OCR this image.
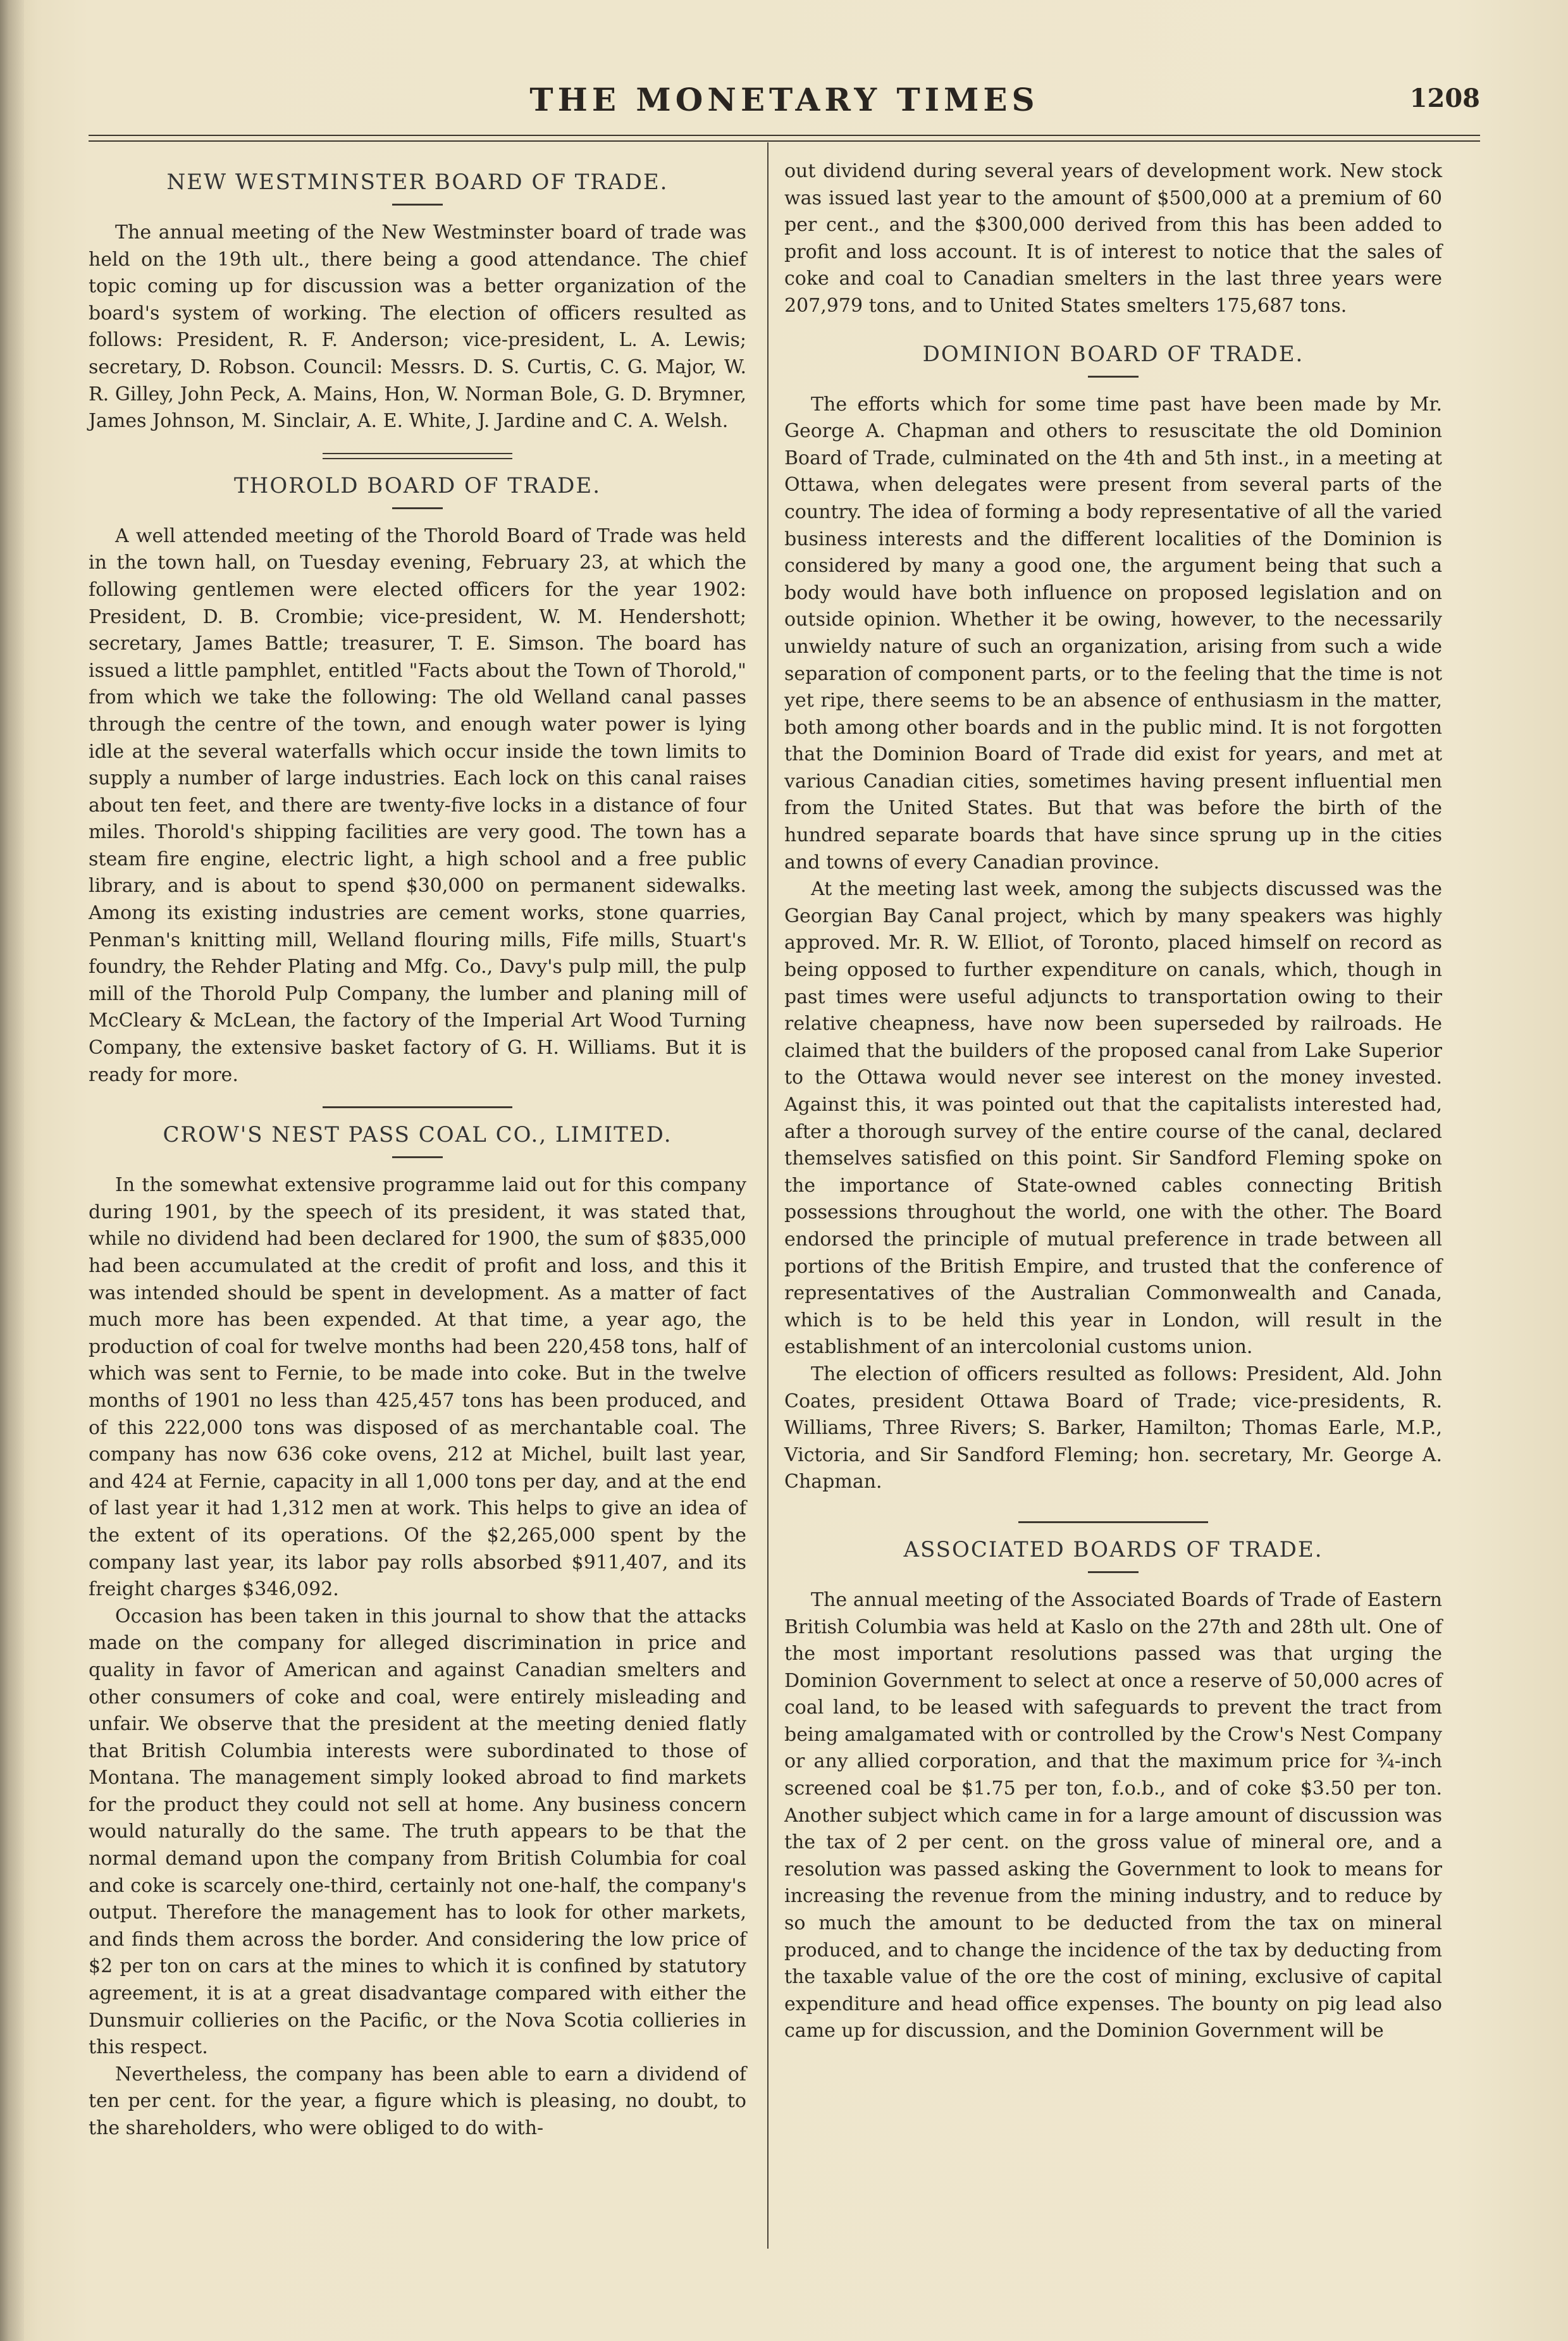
THE MONETARY TIMES	1208
NEW WESTMINSTER BOARD OF TRADE.

The annual meeting of the New Westminster board of trade was held on the 19th ult., there being a good attendance. The chief topic coming up for discussion was a better organization of the board's system of working. The election of officers resulted as follows: President, R. F. Anderson; vice-president, L. A. Lewis; secretary, D. Robson. Council: Messrs. D. S. Curtis, C. G. Major, W. R. Gilley, John Peck, A. Mains, Hon, W. Norman Bole, G. D. Brymner, James Johnson, M. Sinclair, A. E. White, J. Jardine and C. A. Welsh.

THOROLD BOARD OF TRADE.

A well attended meeting of the Thorold Board of Trade was held in the town hall, on Tuesday evening, February 23, at which the following gentlemen were elected officers for the year 1902: President, D. B. Crombie; vice-president, W. M. Hendershott; secretary, James Battle; treasurer, T. E. Simson. The board has issued a little pamphlet, entitled "Facts about the Town of Thorold," from which we take the following: The old Welland canal passes through the centre of the town, and enough water power is lying idle at the several waterfalls which occur inside the town limits to supply a number of large industries. Each lock on this canal raises about ten feet, and there are twenty-five locks in a distance of four miles. Thorold's shipping facilities are very good. The town has a steam fire engine, electric light, a high school and a free public library, and is about to spend $30,000 on permanent sidewalks. Among its existing industries are cement works, stone quarries, Penman's knitting mill, Welland flouring mills, Fife mills, Stuart's foundry, the Rehder Plating and Mfg. Co., Davy's pulp mill, the pulp mill of the Thorold Pulp Company, the lumber and planing mill of McCleary & McLean, the factory of the Imperial Art Wood Turning Company, the extensive basket factory of G. H. Williams. But it is ready for more.

CROW'S NEST PASS COAL CO., LIMITED.

In the somewhat extensive programme laid out for this company during 1901, by the speech of its president, it was stated that, while no dividend had been declared for 1900, the sum of $835,000 had been accumulated at the credit of profit and loss, and this it was intended should be spent in development. As a matter of fact much more has been expended. At that time, a year ago, the production of coal for twelve months had been 220,458 tons, half of which was sent to Fernie, to be made into coke. But in the twelve months of 1901 no less than 425,457 tons has been produced, and of this 222,000 tons was disposed of as merchantable coal. The company has now 636 coke ovens, 212 at Michel, built last year, and 424 at Fernie, capacity in all 1,000 tons per day, and at the end of last year it had 1,312 men at work. This helps to give an idea of the extent of its operations. Of the $2,265,000 spent by the company last year, its labor pay rolls absorbed $911,407, and its freight charges $346,092.

Occasion has been taken in this journal to show that the attacks made on the company for alleged discrimination in price and quality in favor of American and against Canadian smelters and other consumers of coke and coal, were entirely misleading and unfair. We observe that the president at the meeting denied flatly that British Columbia interests were subordinated to those of Montana. The management simply looked abroad to find markets for the product they could not sell at home. Any business concern would naturally do the same. The truth appears to be that the normal demand upon the company from British Columbia for coal and coke is scarcely one-third, certainly not one-half, the company's output. Therefore the management has to look for other markets, and finds them across the border. And considering the low price of $2 per ton on cars at the mines to which it is confined by statutory agreement, it is at a great disadvantage compared with either the Dunsmuir collieries on the Pacific, or the Nova Scotia collieries in this respect.

Nevertheless, the company has been able to earn a dividend of ten per cent. for the year, a figure which is pleasing, no doubt, to the shareholders, who were obliged to do with-

out dividend during several years of development work. New stock was issued last year to the amount of $500,000 at a premium of 60 per cent., and the $300,000 derived from this has been added to profit and loss account. It is of interest to notice that the sales of coke and coal to Canadian smelters in the last three years were 207,979 tons, and to United States smelters 175,687 tons.

DOMINION BOARD OF TRADE.

The efforts which for some time past have been made by Mr. George A. Chapman and others to resuscitate the old Dominion Board of Trade, culminated on the 4th and 5th inst., in a meeting at Ottawa, when delegates were present from several parts of the country. The idea of forming a body representative of all the varied business interests and the different localities of the Dominion is considered by many a good one, the argument being that such a body would have both influence on proposed legislation and on outside opinion. Whether it be owing, however, to the necessarily unwieldy nature of such an organization, arising from such a wide separation of component parts, or to the feeling that the time is not yet ripe, there seems to be an absence of enthusiasm in the matter, both among other boards and in the public mind. It is not forgotten that the Dominion Board of Trade did exist for years, and met at various Canadian cities, sometimes having present influential men from the United States. But that was before the birth of the hundred separate boards that have since sprung up in the cities and towns of every Canadian province.

At the meeting last week, among the subjects discussed was the Georgian Bay Canal project, which by many speakers was highly approved. Mr. R. W. Elliot, of Toronto, placed himself on record as being opposed to further expenditure on canals, which, though in past times were useful adjuncts to transportation owing to their relative cheapness, have now been superseded by railroads. He claimed that the builders of the proposed canal from Lake Superior to the Ottawa would never see interest on the money invested. Against this, it was pointed out that the capitalists interested had, after a thorough survey of the entire course of the canal, declared themselves satisfied on this point. Sir Sandford Fleming spoke on the importance of State-owned cables connecting British possessions throughout the world, one with the other. The Board endorsed the principle of mutual preference in trade between all portions of the British Empire, and trusted that the conference of representatives of the Australian Commonwealth and Canada, which is to be held this year in London, will result in the establishment of an intercolonial customs union.

The election of officers resulted as follows: President, Ald. John Coates, president Ottawa Board of Trade; vice-presidents, R. Williams, Three Rivers; S. Barker, Hamilton; Thomas Earle, M.P., Victoria, and Sir Sandford Fleming; hon. secretary, Mr. George A. Chapman.

ASSOCIATED BOARDS OF TRADE.

The annual meeting of the Associated Boards of Trade of Eastern British Columbia was held at Kaslo on the 27th and 28th ult. One of the most important resolutions passed was that urging the Dominion Government to select at once a reserve of 50,000 acres of coal land, to be leased with safeguards to prevent the tract from being amalgamated with or controlled by the Crow's Nest Company or any allied corporation, and that the maximum price for ¾-inch screened coal be $1.75 per ton, f.o.b., and of coke $3.50 per ton. Another subject which came in for a large amount of discussion was the tax of 2 per cent. on the gross value of mineral ore, and a resolution was passed asking the Government to look to means for increasing the revenue from the mining industry, and to reduce by so much the amount to be deducted from the tax on mineral produced, and to change the incidence of the tax by deducting from the taxable value of the ore the cost of mining, exclusive of capital expenditure and head office expenses. The bounty on pig lead also came up for discussion, and the Dominion Government will be
